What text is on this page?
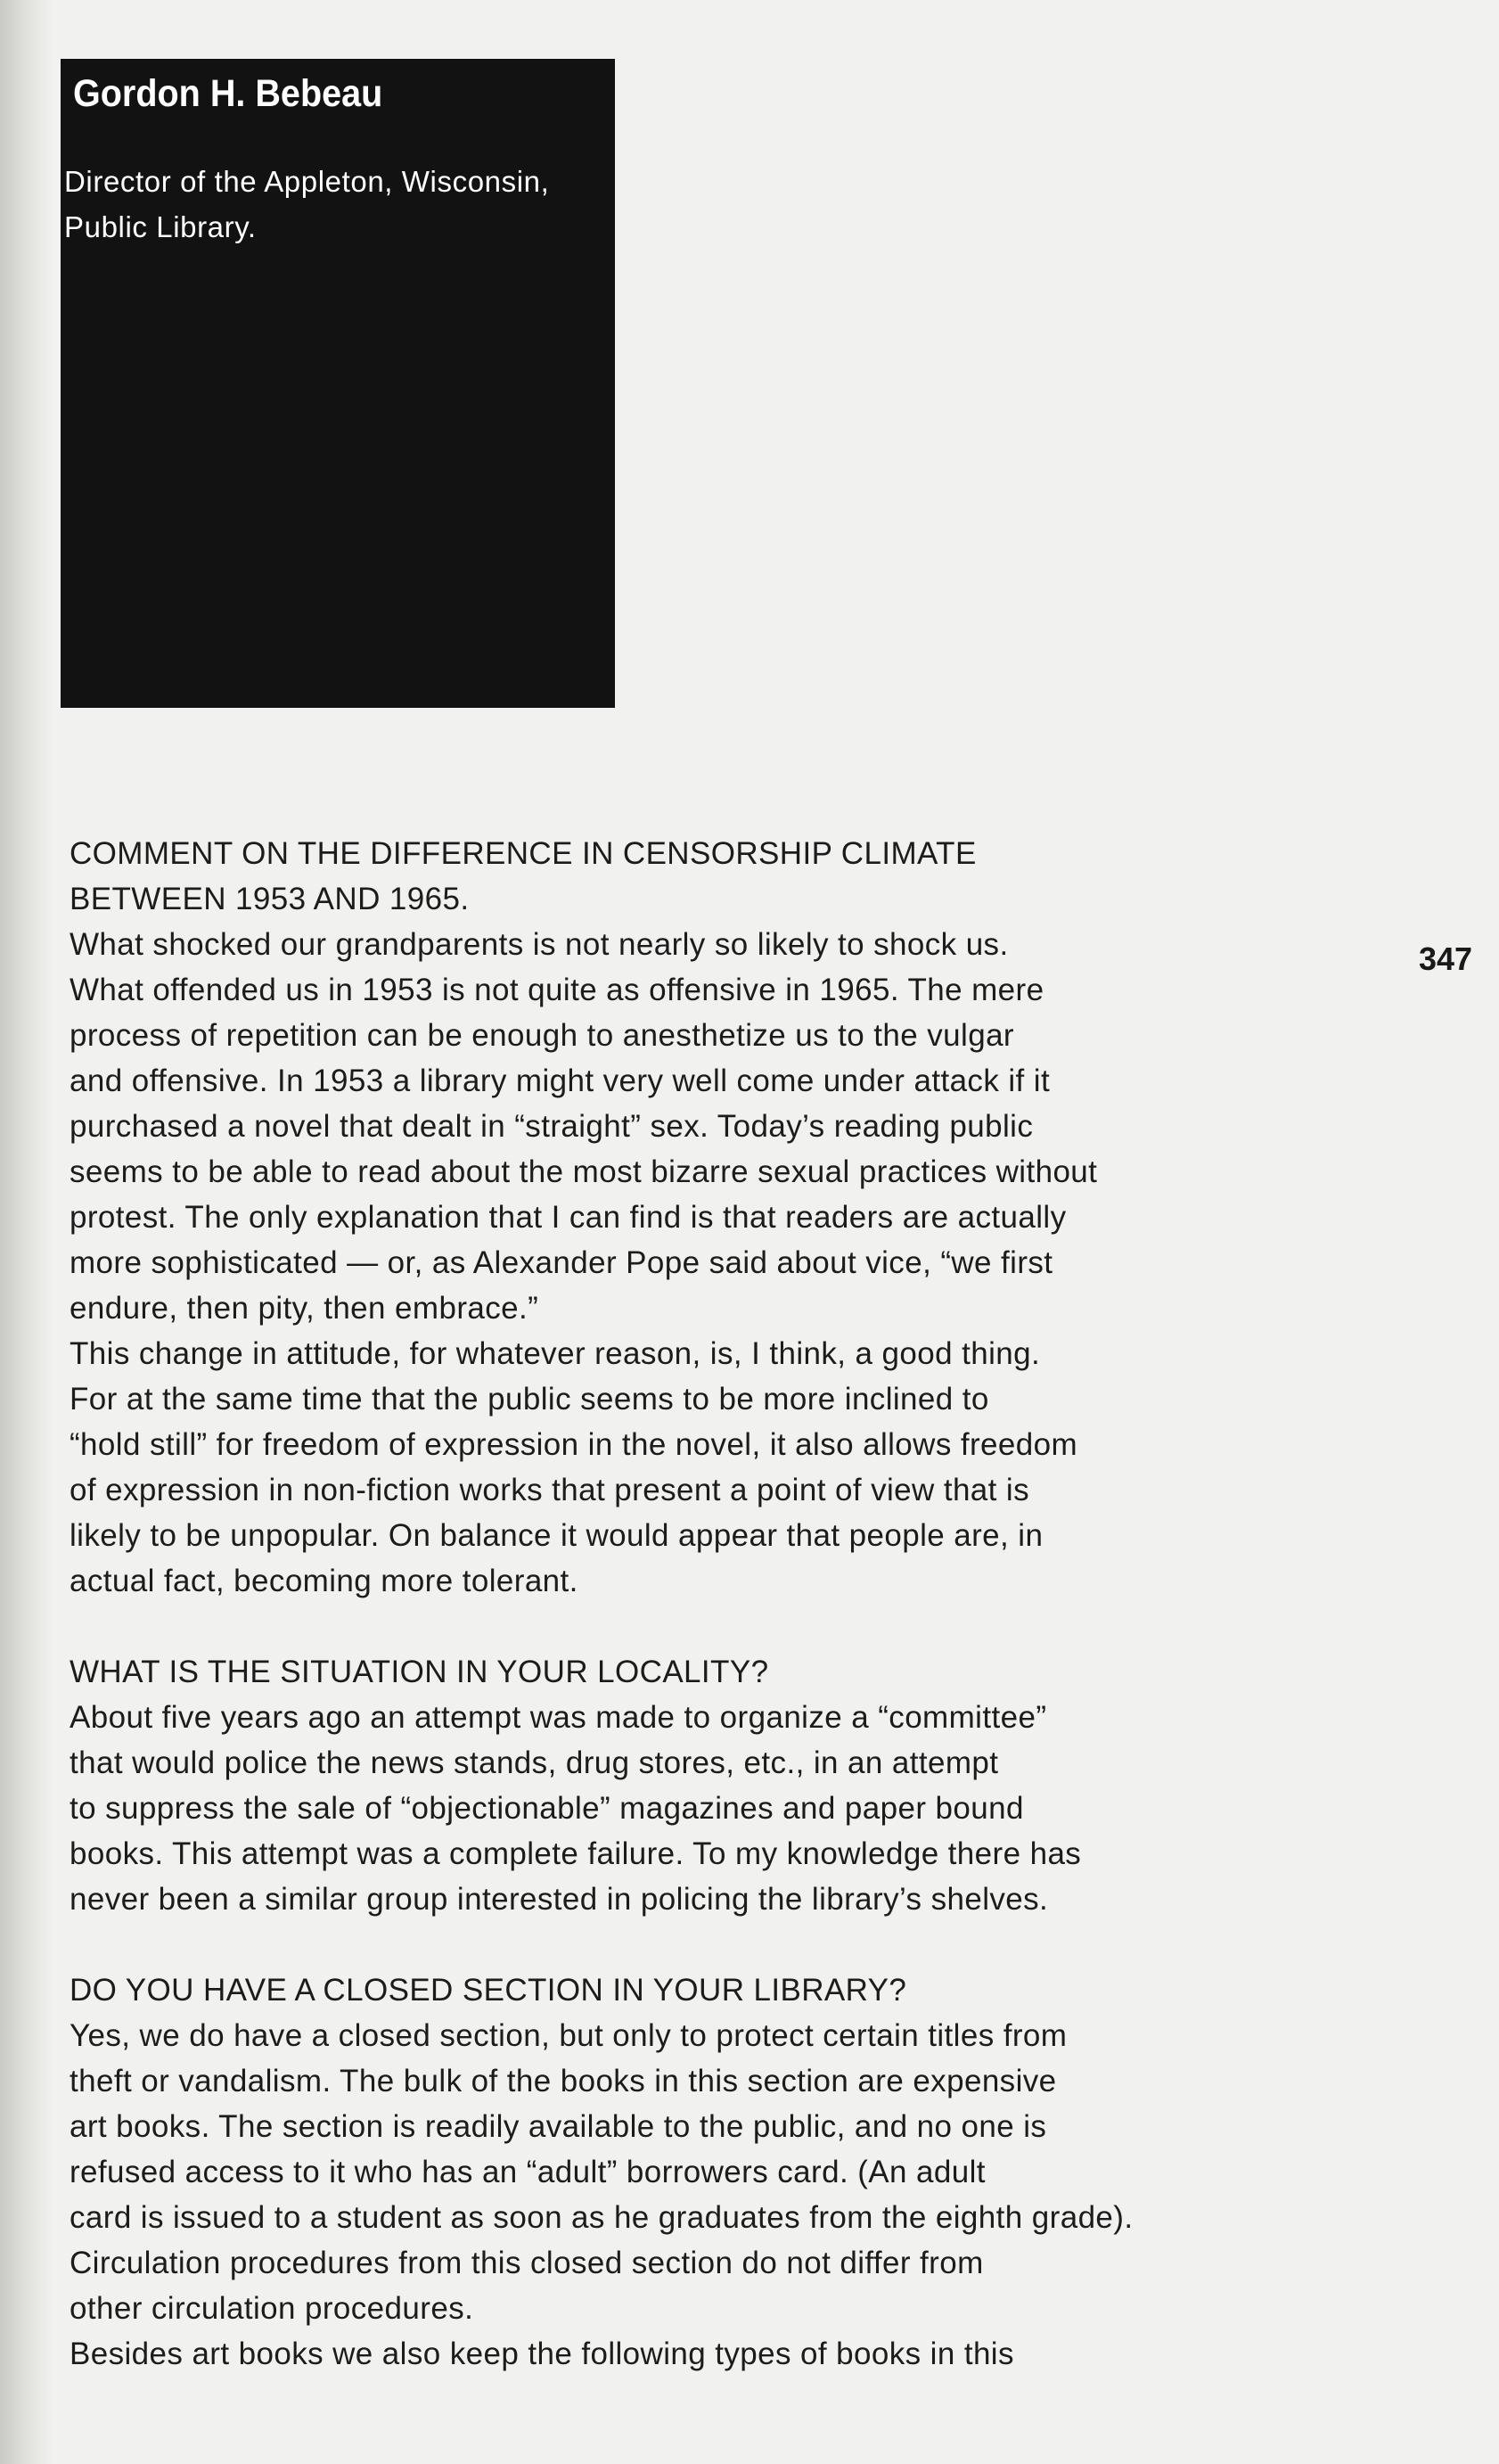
Gordon H. Bebeau
Director of the Appleton, Wisconsin,
Public Library.
347
COMMENT ON THE DIFFERENCE IN CENSORSHIP CLIMATE
BETWEEN 1953 AND 1965.
What shocked our grandparents is not nearly so likely to shock us.
What offended us in 1953 is not quite as offensive in 1965. The mere
process of repetition can be enough to anesthetize us to the vulgar
and offensive. In 1953 a library might very well come under attack if it
purchased a novel that dealt in “straight” sex. Today’s reading public
seems to be able to read about the most bizarre sexual practices without
protest. The only explanation that I can find is that readers are actually
more sophisticated — or, as Alexander Pope said about vice, “we first
endure, then pity, then embrace.”
This change in attitude, for whatever reason, is, I think, a good thing.
For at the same time that the public seems to be more inclined to
“hold still” for freedom of expression in the novel, it also allows freedom
of expression in non-fiction works that present a point of view that is
likely to be unpopular. On balance it would appear that people are, in
actual fact, becoming more tolerant.
WHAT IS THE SITUATION IN YOUR LOCALITY?
About five years ago an attempt was made to organize a “committee”
that would police the news stands, drug stores, etc., in an attempt
to suppress the sale of “objectionable” magazines and paper bound
books. This attempt was a complete failure. To my knowledge there has
never been a similar group interested in policing the library’s shelves.
DO YOU HAVE A CLOSED SECTION IN YOUR LIBRARY?
Yes, we do have a closed section, but only to protect certain titles from
theft or vandalism. The bulk of the books in this section are expensive
art books. The section is readily available to the public, and no one is
refused access to it who has an “adult” borrowers card. (An adult
card is issued to a student as soon as he graduates from the eighth grade).
Circulation procedures from this closed section do not differ from
other circulation procedures.
Besides art books we also keep the following types of books in this
